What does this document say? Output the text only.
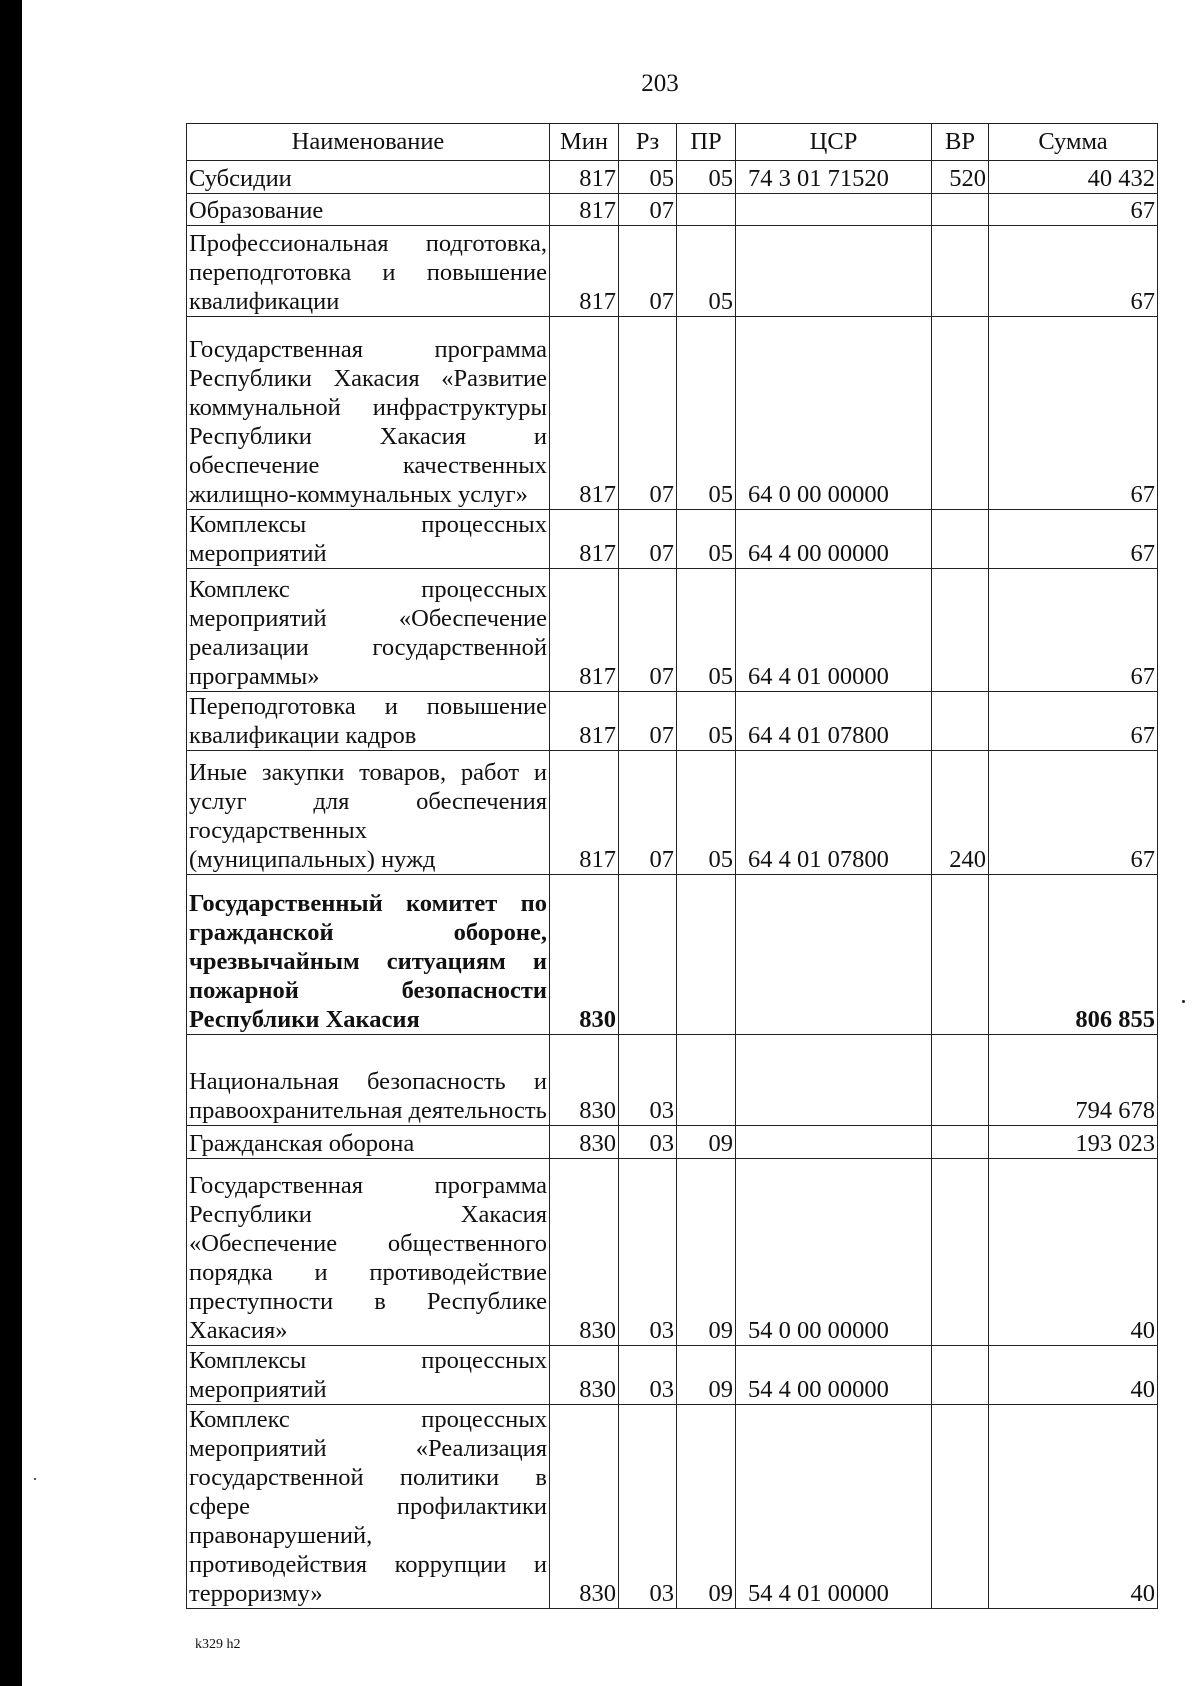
203
Наименование	Мин	Рз	ПР	ЦСР	ВР	Сумма
Субсидии	817	05	05	74 3 01 71520	520	40 432
Образование	817	07				67
Профессиональная подготовка, переподготовка и повышение квалификации	817	07	05			67
Государственная программа Республики Хакасия «Развитие коммунальной инфраструктуры Республики Хакасия и обеспечение качественных жилищно-коммунальных услуг»	817	07	05	64 0 00 00000		67
Комплексы процессных мероприятий	817	07	05	64 4 00 00000		67
Комплекс процессных мероприятий «Обеспечение реализации государственной программы»	817	07	05	64 4 01 00000		67
Переподготовка и повышение квалификации кадров	817	07	05	64 4 01 07800		67
Иные закупки товаров, работ и услуг для обеспечения государственных (муниципальных) нужд	817	07	05	64 4 01 07800	240	67
Государственный комитет по гражданской обороне, чрезвычайным ситуациям и пожарной безопасности Республики Хакасия	830					806 855
Национальная безопасность и правоохранительная деятельность	830	03				794 678
Гражданская оборона	830	03	09			193 023
Государственная программа Республики Хакасия «Обеспечение общественного порядка и противодействие преступности в Республике Хакасия»	830	03	09	54 0 00 00000		40
Комплексы процессных мероприятий	830	03	09	54 4 00 00000		40
Комплекс процессных мероприятий «Реализация государственной политики в сфере профилактики правонарушений, противодействия коррупции и терроризму»	830	03	09	54 4 01 00000		40
k329 h2
